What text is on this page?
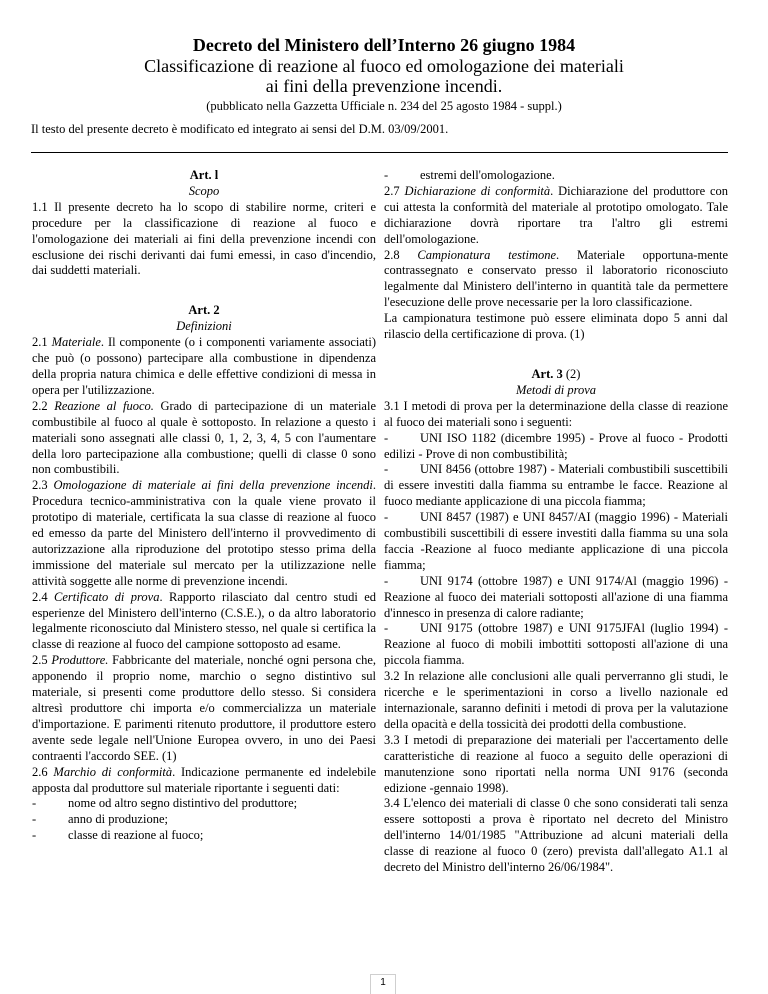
Decreto del Ministero dell’Interno 26 giugno 1984
Classificazione di reazione al fuoco ed omologazione dei materiali
ai fini della prevenzione incendi.
(pubblicato nella Gazzetta Ufficiale n. 234 del 25 agosto 1984 - suppl.)
Il testo del presente decreto è modificato ed integrato ai sensi del D.M. 03/09/2001.

Art. l

Scopo

1.1 Il presente decreto ha lo scopo di stabilire norme, criteri e procedure per la classificazione di reazione al fuoco e l'omologazione dei materiali ai fini della prevenzione incendi con esclusione dei rischi derivanti dai fumi emessi, in caso d'incendio, dai suddetti materiali.

Art. 2

Definizioni

2.1 Materiale. Il componente (o i componenti variamente associati) che può (o possono) partecipare alla combustione in dipendenza della propria natura chimica e delle effettive condizioni di messa in opera per l'utilizzazione.

2.2 Reazione al fuoco. Grado di partecipazione di un materiale combustibile al fuoco al quale è sottoposto. In relazione a questo i materiali sono assegnati alle classi 0, 1, 2, 3, 4, 5 con l'aumentare della loro partecipazione alla combustione; quelli di classe 0 sono non combustibili.

2.3 Omologazione di materiale ai fini della prevenzione incendi. Procedura tecnico-amministrativa con la quale viene provato il prototipo di materiale, certificata la sua classe di reazione al fuoco ed emesso da parte del Ministero dell'interno il provvedimento di autorizzazione alla riproduzione del prototipo stesso prima della immissione del materiale sul mercato per la utilizzazione nelle attività soggette alle norme di prevenzione incendi.

2.4 Certificato di prova. Rapporto rilasciato dal centro studi ed esperienze del Ministero dell'interno (C.S.E.), o da altro laboratorio legalmente riconosciuto dal Ministero stesso, nel quale si certifica la classe di reazione al fuoco del campione sottoposto ad esame.

2.5 Produttore. Fabbricante del materiale, nonché ogni persona che, apponendo il proprio nome, marchio o segno distintivo sul materiale, si presenti come produttore dello stesso. Si considera altresì produttore chi importa e/o commercializza un materiale d'importazione. E parimenti ritenuto produttore, il produttore estero avente sede legale nell'Unione Europea ovvero, in uno dei Paesi contraenti l'accordo SEE. (1)

2.6 Marchio di conformità. Indicazione permanente ed indelebile apposta dal produttore sul materiale riportante i seguenti dati:

-	nome od altro segno distintivo del produttore;

-	anno di produzione;

-	classe di reazione al fuoco;

-	estremi dell'omologazione.

2.7 Dichiarazione di conformità. Dichiarazione del produttore con cui attesta la conformità del materiale al prototipo omologato. Tale dichiarazione dovrà riportare tra l'altro gli estremi dell'omologazione.

2.8 Campionatura testimone. Materiale opportuna-mente contrassegnato e conservato presso il laboratorio riconosciuto legalmente dal Ministero dell'interno in quantità tale da permettere l'esecuzione delle prove necessarie per la loro classificazione.

La campionatura testimone può essere eliminata dopo 5 anni dal rilascio della certificazione di prova. (1)

Art. 3 (2)

Metodi di prova

3.1 I metodi di prova per la determinazione della classe di reazione al fuoco dei materiali sono i seguenti:

-	UNI ISO 1182 (dicembre 1995) - Prove al fuoco - Prodotti edilizi - Prove di non combustibilità;

-	UNI 8456 (ottobre 1987) - Materiali combustibili suscettibili di essere investiti dalla fiamma su entrambe le facce. Reazione al fuoco mediante applicazione di una piccola fiamma;

-	UNI 8457 (1987) e UNI 8457/AI (maggio 1996) - Materiali combustibili suscettibili di essere investiti dalla fiamma su una sola faccia -Reazione al fuoco mediante applicazione di una piccola fiamma;

-	UNI 9174 (ottobre 1987) e UNI 9174/Al (maggio 1996) - Reazione al fuoco dei materiali sottoposti all'azione di una fiamma d'innesco in presenza di calore radiante;

-	UNI 9175 (ottobre 1987) e UNI 9175JFAl (luglio 1994) - Reazione al fuoco di mobili imbottiti sottoposti all'azione di una piccola fiamma.

3.2 In relazione alle conclusioni alle quali perverranno gli studi, le ricerche e le sperimentazioni in corso a livello nazionale ed internazionale, saranno definiti i metodi di prova per la valutazione della opacità e della tossicità dei prodotti della combustione.

3.3 I metodi di preparazione dei materiali per l'accertamento delle caratteristiche di reazione al fuoco a seguito delle operazioni di manutenzione sono riportati nella norma UNI 9176 (seconda edizione -gennaio 1998).

3.4 L'elenco dei materiali di classe 0 che sono considerati tali senza essere sottoposti a prova è riportato nel decreto del Ministro dell'interno 14/01/1985 "Attribuzione ad alcuni materiali della classe di reazione al fuoco 0 (zero) prevista dall'allegato A1.1 al decreto del Ministro dell'interno 26/06/1984".

1
